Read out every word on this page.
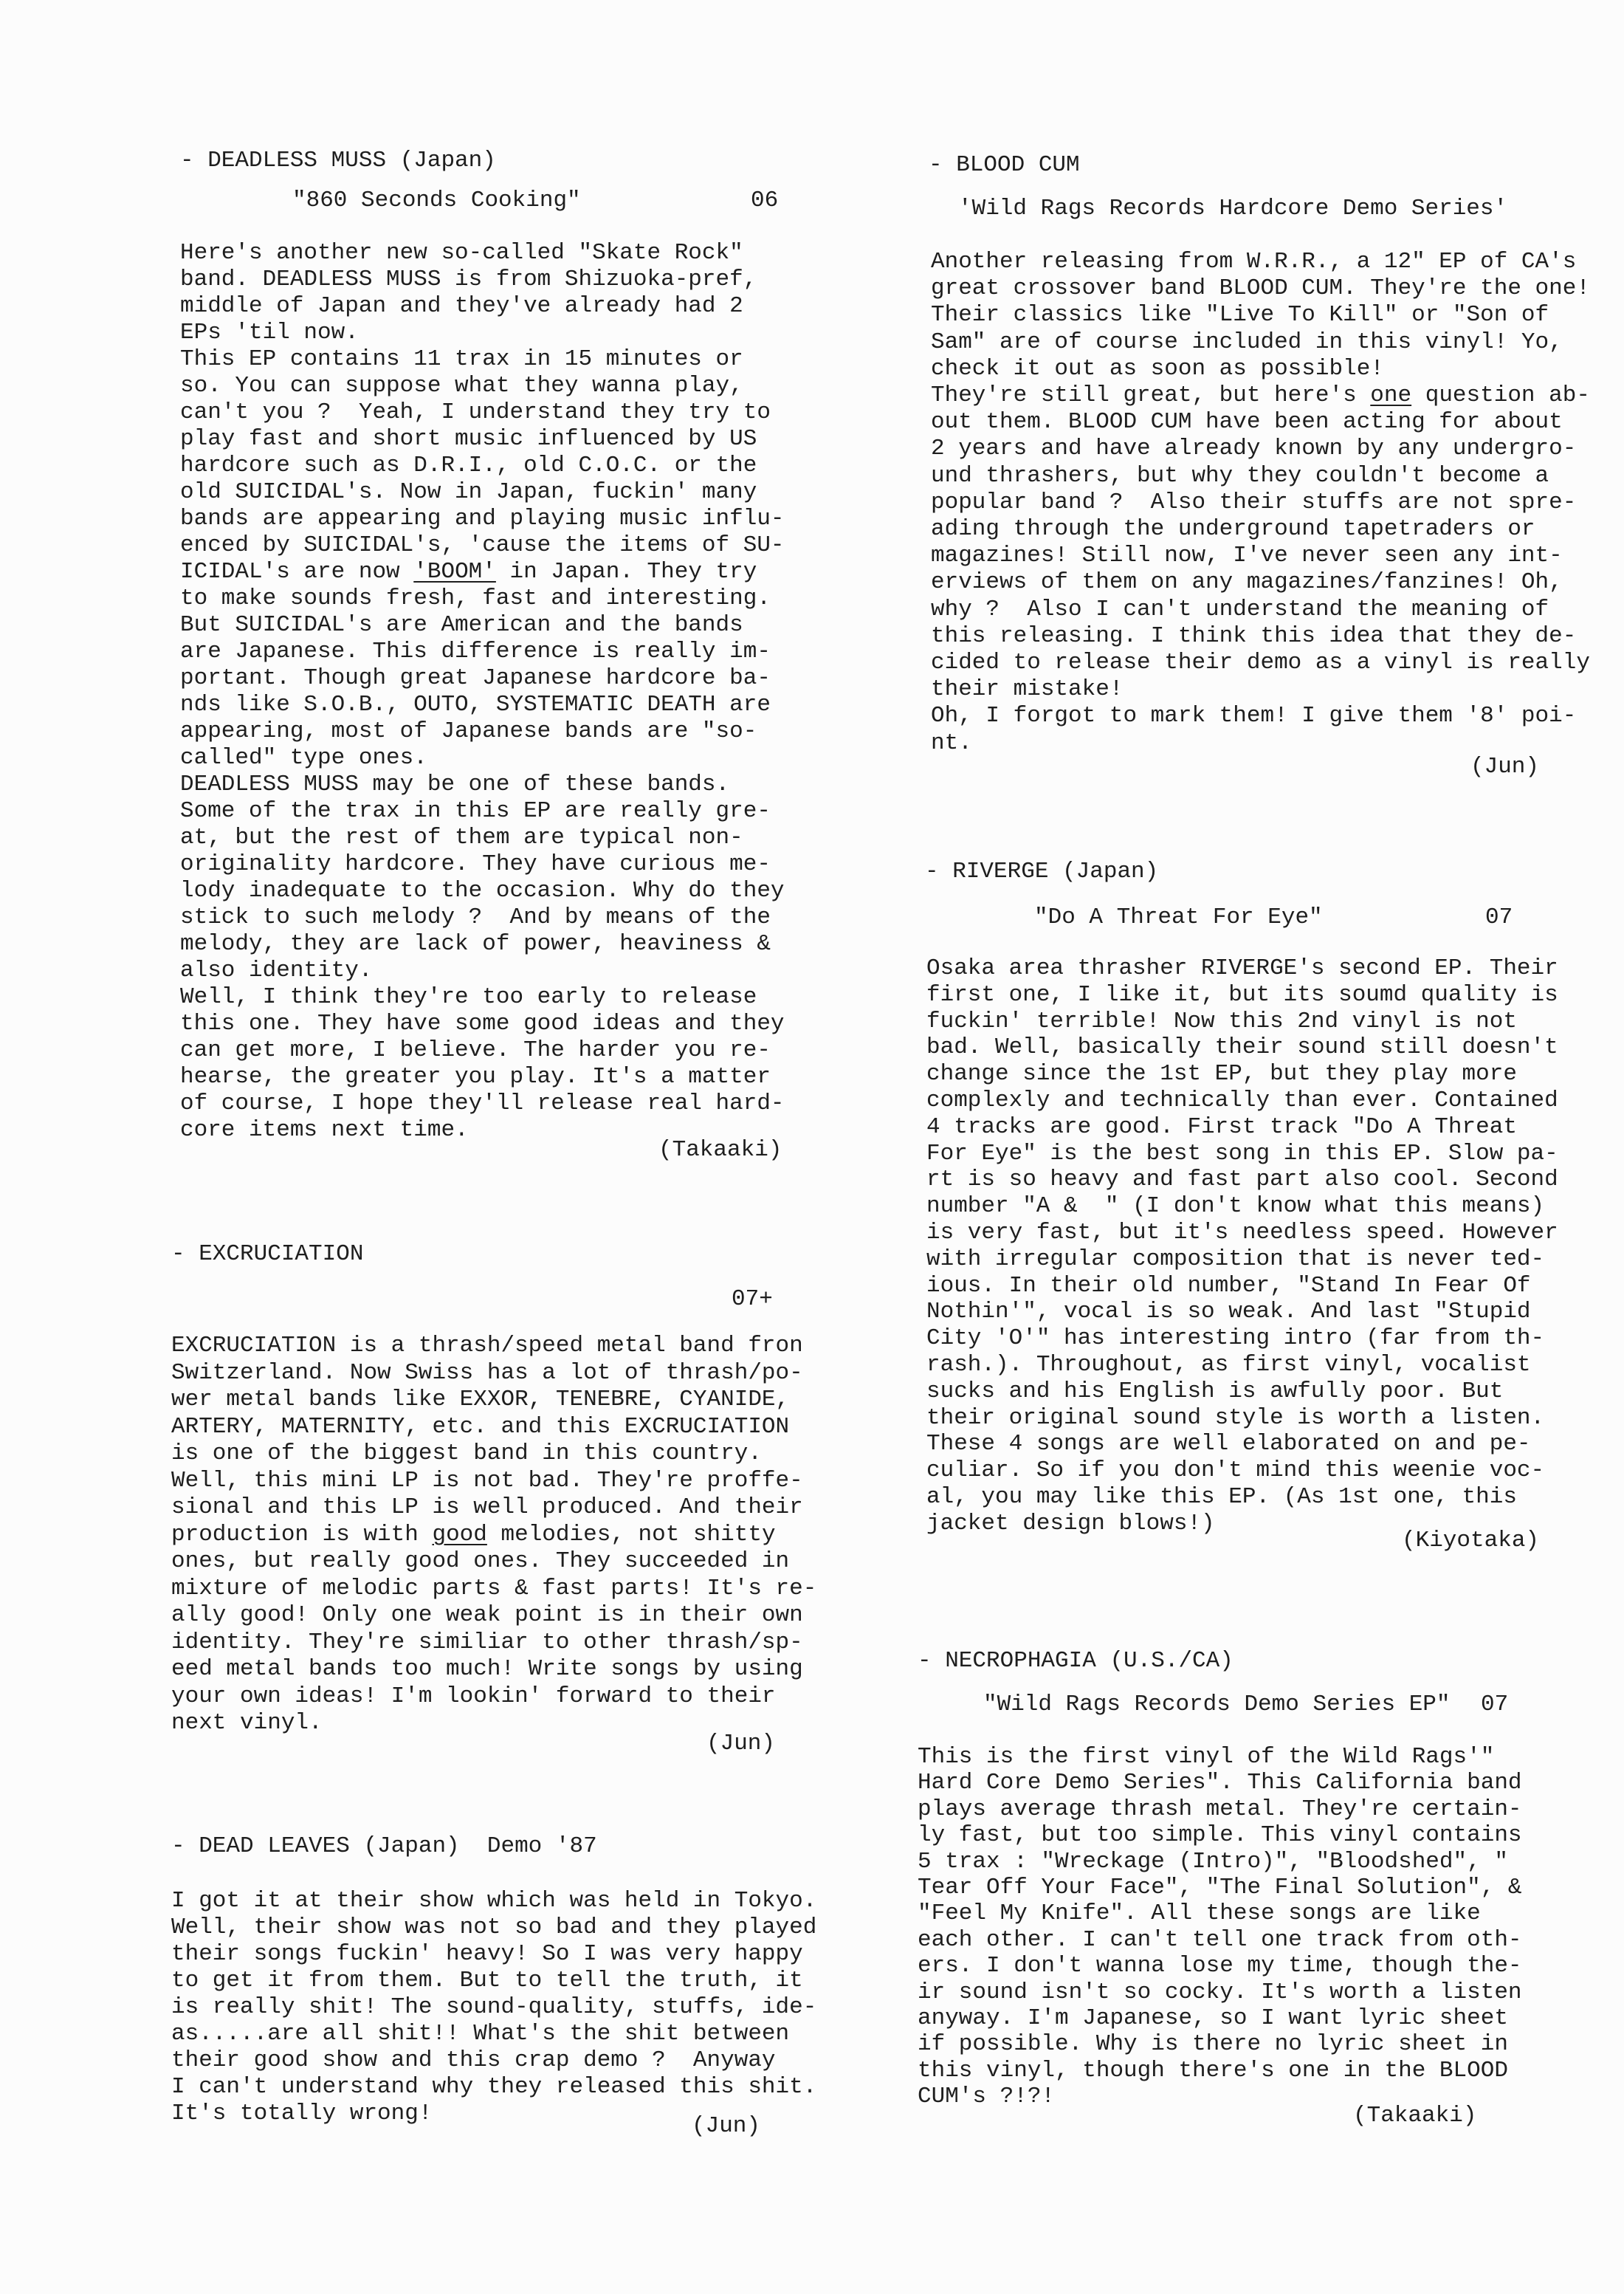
- DEADLESS MUSS (Japan)
"860 Seconds Cooking"	06
Here's another new so-called "Skate Rock"
band. DEADLESS MUSS is from Shizuoka-pref,
middle of Japan and they've already had 2
EPs 'til now.
This EP contains 11 trax in 15 minutes or
so. You can suppose what they wanna play,
can't you ?  Yeah, I understand they try to
play fast and short music influenced by US
hardcore such as D.R.I., old C.O.C. or the
old SUICIDAL's. Now in Japan, fuckin' many
bands are appearing and playing music influ-
enced by SUICIDAL's, 'cause the items of SU-
ICIDAL's are now 'BOOM' in Japan. They try
to make sounds fresh, fast and interesting.
But SUICIDAL's are American and the bands
are Japanese. This difference is really im-
portant. Though great Japanese hardcore ba-
nds like S.O.B., OUTO, SYSTEMATIC DEATH are
appearing, most of Japanese bands are "so-
called" type ones.
DEADLESS MUSS may be one of these bands.
Some of the trax in this EP are really gre-
at, but the rest of them are typical non-
originality hardcore. They have curious me-
lody inadequate to the occasion. Why do they
stick to such melody ?  And by means of the
melody, they are lack of power, heaviness &
also identity.
Well, I think they're too early to release
this one. They have some good ideas and they
can get more, I believe. The harder you re-
hearse, the greater you play. It's a matter
of course, I hope they'll release real hard-
core items next time.
(Takaaki)
- EXCRUCIATION
07+
EXCRUCIATION is a thrash/speed metal band fron
Switzerland. Now Swiss has a lot of thrash/po-
wer metal bands like EXXOR, TENEBRE, CYANIDE,
ARTERY, MATERNITY, etc. and this EXCRUCIATION
is one of the biggest band in this country.
Well, this mini LP is not bad. They're proffe-
sional and this LP is well produced. And their
production is with good melodies, not shitty
ones, but really good ones. They succeeded in
mixture of melodic parts & fast parts! It's re-
ally good! Only one weak point is in their own
identity. They're similiar to other thrash/sp-
eed metal bands too much! Write songs by using
your own ideas! I'm lookin' forward to their
next vinyl.
(Jun)
- DEAD LEAVES (Japan)  Demo '87
I got it at their show which was held in Tokyo.
Well, their show was not so bad and they played
their songs fuckin' heavy! So I was very happy
to get it from them. But to tell the truth, it
is really shit! The sound-quality, stuffs, ide-
as.....are all shit!! What's the shit between
their good show and this crap demo ?  Anyway
I can't understand why they released this shit.
It's totally wrong!	(Jun)
- BLOOD CUM
'Wild Rags Records Hardcore Demo Series'
Another releasing from W.R.R., a 12" EP of CA's
great crossover band BLOOD CUM. They're the one!
Their classics like "Live To Kill" or "Son of
Sam" are of course included in this vinyl! Yo,
check it out as soon as possible!
They're still great, but here's one question ab-
out them. BLOOD CUM have been acting for about
2 years and have already known by any undergro-
und thrashers, but why they couldn't become a
popular band ?  Also their stuffs are not spre-
ading through the underground tapetraders or
magazines! Still now, I've never seen any int-
erviews of them on any magazines/fanzines! Oh,
why ?  Also I can't understand the meaning of
this releasing. I think this idea that they de-
cided to release their demo as a vinyl is really
their mistake!
Oh, I forgot to mark them! I give them '8' poi-
nt.
(Jun)
- RIVERGE (Japan)
"Do A Threat For Eye"	07
Osaka area thrasher RIVERGE's second EP. Their
first one, I like it, but its soumd quality is
fuckin' terrible! Now this 2nd vinyl is not
bad. Well, basically their sound still doesn't
change since the 1st EP, but they play more
complexly and technically than ever. Contained
4 tracks are good. First track "Do A Threat
For Eye" is the best song in this EP. Slow pa-
rt is so heavy and fast part also cool. Second
number "A &  " (I don't know what this means)
is very fast, but it's needless speed. However
with irregular composition that is never ted-
ious. In their old number, "Stand In Fear Of
Nothin'", vocal is so weak. And last "Stupid
City 'O'" has interesting intro (far from th-
rash.). Throughout, as first vinyl, vocalist
sucks and his English is awfully poor. But
their original sound style is worth a listen.
These 4 songs are well elaborated on and pe-
culiar. So if you don't mind this weenie voc-
al, you may like this EP. (As 1st one, this
jacket design blows!)
(Kiyotaka)
- NECROPHAGIA (U.S./CA)
"Wild Rags Records Demo Series EP" 07
This is the first vinyl of the Wild Rags'"
Hard Core Demo Series". This California band
plays average thrash metal. They're certain-
ly fast, but too simple. This vinyl contains
5 trax : "Wreckage (Intro)", "Bloodshed", "
Tear Off Your Face", "The Final Solution", &
"Feel My Knife". All these songs are like
each other. I can't tell one track from oth-
ers. I don't wanna lose my time, though the-
ir sound isn't so cocky. It's worth a listen
anyway. I'm Japanese, so I want lyric sheet
if possible. Why is there no lyric sheet in
this vinyl, though there's one in the BLOOD
CUM's ?!?!
(Takaaki)
